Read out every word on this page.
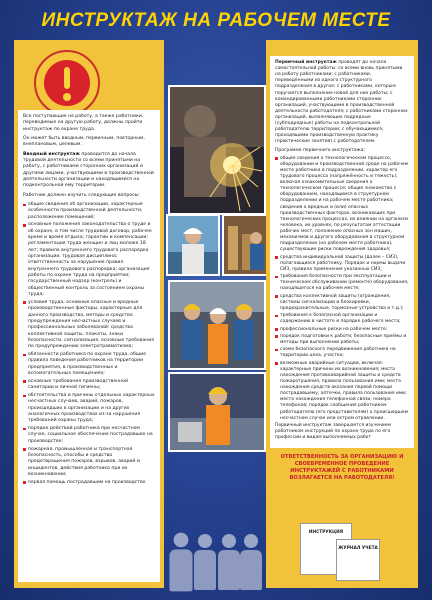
ИНСТРУКТАЖ НА РАБОЧЕМ МЕСТЕ

Все поступающие на работу, а также работники, переводимые на другую работу, должны пройти инструктаж по охране труда.

Он может быть вводным, первичным, повторным, внеплановым, целевым.

Вводный инструктаж проводится до начала трудовой деятельности со всеми принятыми на работу, с работниками сторонних организаций и другими лицами, участвующими в производственной деятельности организации и находящимися на подконтрольной ему территории.

Работник должен изучить следующие вопросы:

общие сведения об организации, характерные особенности производственной деятельности, расположение помещений;
основные положения законодательства о труде и об охране, в том числе трудовой договор, рабочее время и время отдыха; гарантии и компенсации; регламентация труда женщин и лиц моложе 18 лет; правила внутреннего трудового распорядка организации, трудовая дисциплина; ответственность за нарушение правил внутреннего трудового распорядка; организация работы по охране труда на предприятии; государственный надзор (контроль) и общественный контроль за состоянием охраны труда;
условия труда, основные опасные и вредные производственные факторы, характерные для данного производства, методы и средства предупреждения несчастных случаев и профессиональных заболеваний: средства коллективной защиты, плакаты, знаки безопасности, сигнализация, основные требования по предупреждению электротравматизма;
обязанности работника по охране труда, общие правила поведения работников на территории предприятия, в производственных и вспомогательных помещениях;
основные требования производственной санитарии и личной гигиены;
обстоятельства и причины отдельных характерных несчастных случаев, аварий, пожаров, происшедших в организации и на других аналогичных производствах из-за нарушения требований охраны труда;
порядок действий работника при несчастном случае, социальное обеспечение пострадавших на производстве;
пожарная, промышленная и транспортная безопасность, способы и средства предотвращения пожаров, взрывов, аварий и инцидентов, действия работника при их возникновении;
первая помощь пострадавшим на производстве

Первичный инструктаж проводят до начала самостоятельной работы: со всеми вновь принятыми на работу работниками; с работниками, переведёнными из одного структурного подразделения в другое; с работниками, которым поручается выполнение новой для них работы; с командированными работниками сторонних организаций, участвующими в производственной деятельности работодателя; с работниками сторонних организаций, выполняющих подрядные (субподрядные) работы на подконтрольной работодателю территории; с обучающимися, проходящими производственную практику (практические занятия) с работодателем.

Программа первичного инструктажа:

общие сведения о технологическом процессе, оборудовании и производственной среде на рабочем месте работника в подразделении, характер его трудового процесса (напряжённость и тяжесть); включая ознакомительные сведения о технологическом процессе; общие знакомство с оборудованием, находящимся в структурном подразделении и на рабочем месте работника; сведения о вредных и (или) опасных производственных факторах, возникающих при технологических процессах, их влиянии на организм человека, их уровнях, по результатам аттестации рабочих мест, положение опасных зон машин, механизмов и другого оборудования в структурном подразделении (на рабочем месте работника), существующие риски повреждения здоровья;
средства индивидуальной защиты (далее – СИЗ), полагающиеся работнику. Порядок и нормы выдачи СИЗ, правила применения указанных СИЗ;
требования безопасности при эксплуатации и техническом обслуживании (ремонте) оборудования, находящегося на рабочем месте;
средства коллективной защиты (ограждения, системы сигнализации и блокировки, предохранительные, тормозные устройства и т.д.);
требования к безопасной организации и содержанию в чистоте и порядке рабочего места;
профессиональные риски на рабочем месте;
порядок подготовки к работе; безопасные приёмы и методы при выполнении работы;
схема безопасного передвижения работника на территории цеха, участка;
возможные аварийные ситуации, включая: характерные причины их возникновения; места нахождения противоаварийной защиты и средств пожаротушения, правила пользования ими; места нахождения средств оказания первой помощи пострадавшему, аптечки, правила пользования ими; места нахождения телефонной связи, номера телефонов; порядок сообщения работником работодателю (его представителям) о происшедшем несчастном случае или остром отравлении.

Первичный инструктаж завершается изучением работником инструкций по охране труда по его профессии и видам выполняемых работ

ОТВЕТСТВЕННОСТЬ ЗА ОРГАНИЗАЦИЮ И СВОЕВРЕМЕННОЕ ПРОВЕДЕНИЕ ИНСТРУКТАЖЕЙ С РАБОТНИКАМИ ВОЗЛАГАЕТСЯ НА РАБОТОДАТЕЛЯ!
ИНСТРУКЦИЯ
ЖУРНАЛ УЧЕТА
